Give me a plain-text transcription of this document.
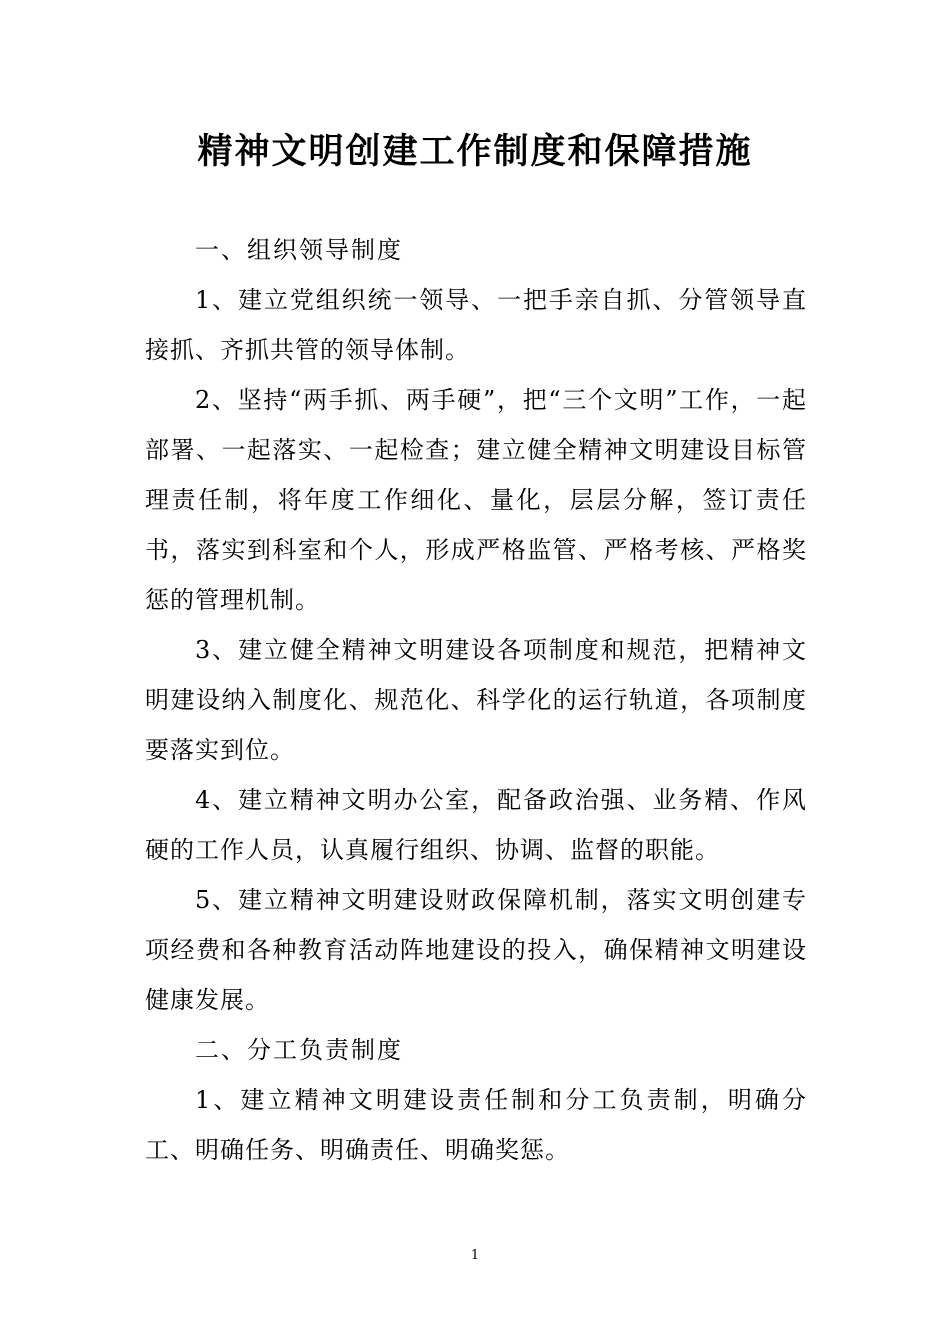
精神文明创建工作制度和保障措施

一、组织领导制度

1、建立党组织统一领导、一把手亲自抓、分管领导直接抓、齐抓共管的领导体制。

2、坚持“两手抓、两手硬”，把“三个文明”工作，一起部署、一起落实、一起检查；建立健全精神文明建设目标管理责任制，将年度工作细化、量化，层层分解，签订责任书，落实到科室和个人，形成严格监管、严格考核、严格奖惩的管理机制。

3、建立健全精神文明建设各项制度和规范，把精神文明建设纳入制度化、规范化、科学化的运行轨道，各项制度要落实到位。

4、建立精神文明办公室，配备政治强、业务精、作风硬的工作人员，认真履行组织、协调、监督的职能。

5、建立精神文明建设财政保障机制，落实文明创建专项经费和各种教育活动阵地建设的投入，确保精神文明建设健康发展。

二、分工负责制度

1、建立精神文明建设责任制和分工负责制，明确分工、明确任务、明确责任、明确奖惩。

1
